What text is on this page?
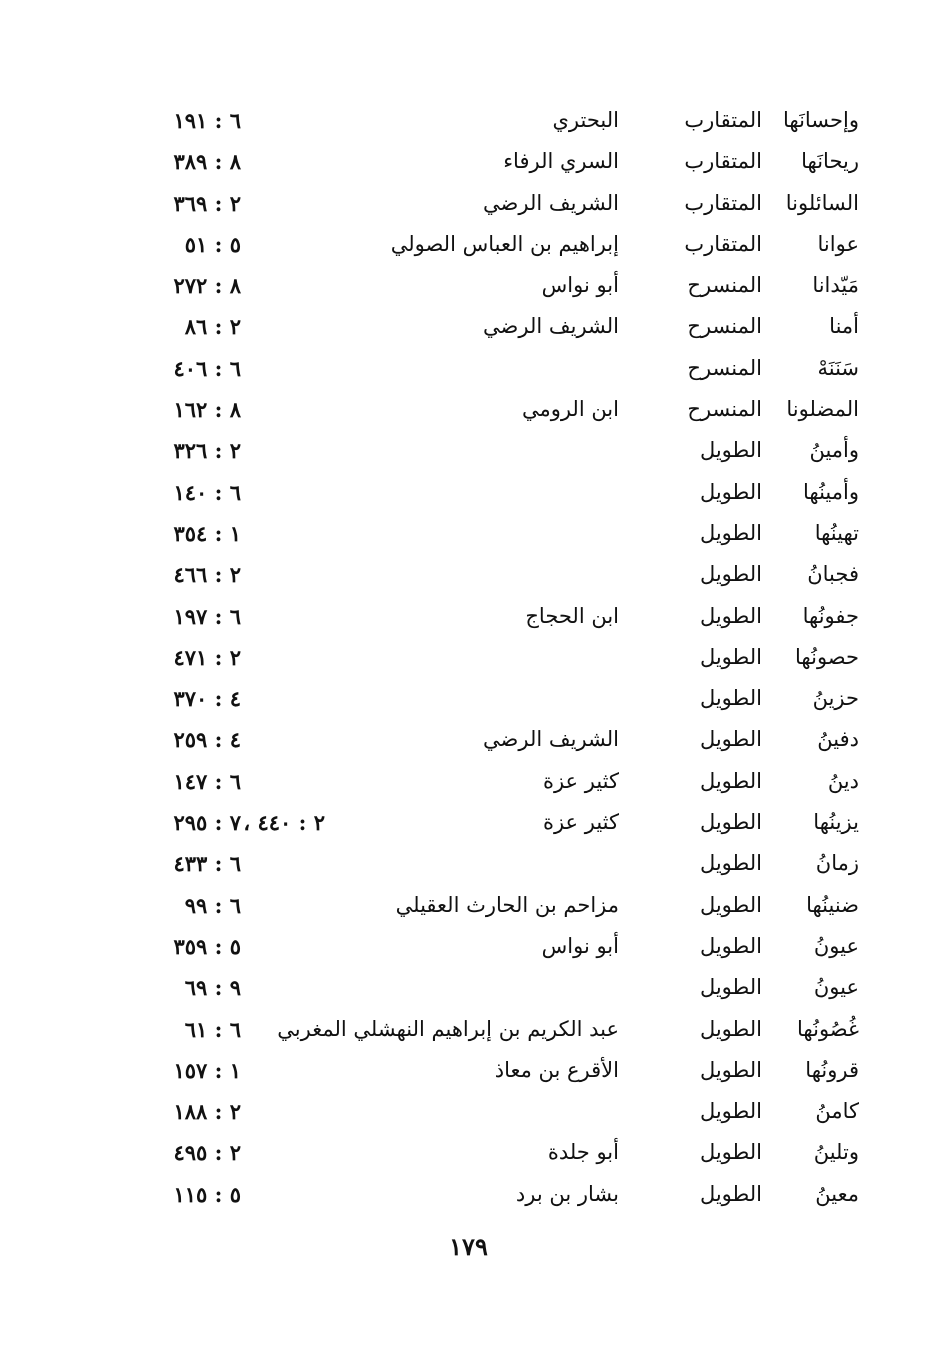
وإحسانَها
المتقارب
البحتري
٦ : ١٩١
ريحانَها
المتقارب
السري الرفاء
٨ : ٣٨٩
السائلونا
المتقارب
الشريف الرضي
٢ : ٣٦٩
عوانا
المتقارب
إبراهيم بن العباس الصولي
٥ : ٥١
مَيّدانا
المنسرح
أبو نواس
٨ : ٢٧٢
أمنا
المنسرح
الشريف الرضي
٢ : ٨٦
سَنَنَهْ
المنسرح
٦ : ٤٠٦
المضلونا
المنسرح
ابن الرومي
٨ : ١٦٢
وأمينُ
الطويل
٢ : ٣٢٦
وأمينُها
الطويل
٦ : ١٤٠
تهينُها
الطويل
١ : ٣٥٤
فجبانُ
الطويل
٢ : ٤٦٦
جفونُها
الطويل
ابن الحجاج
٦ : ١٩٧
حصونُها
الطويل
٢ : ٤٧١
حزينُ
الطويل
٤ : ٣٧٠
دفينُ
الطويل
الشريف الرضي
٤ : ٢٥٩
دينُ
الطويل
كثير عزة
٦ : ١٤٧
يزينُها
الطويل
كثير عزة
٢ : ٤٤٠ ،
٧ : ٢٩٥
زمانُ
الطويل
٦ : ٤٣٣
ضنينُها
الطويل
مزاحم بن الحارث العقيلي
٦ : ٩٩
عيونُ
الطويل
أبو نواس
٥ : ٣٥٩
عيونُ
الطويل
٩ : ٦٩
غُصُونُها
الطويل
عبد الكريم بن إبراهيم النهشلي المغربي
٦ : ٦١
قرونُها
الطويل
الأقرع بن معاذ
١ : ١٥٧
كامنُ
الطويل
٢ : ١٨٨
وتلينُ
الطويل
أبو جلدة
٢ : ٤٩٥
معينُ
الطويل
بشار بن برد
٥ : ١١٥
١٧٩
